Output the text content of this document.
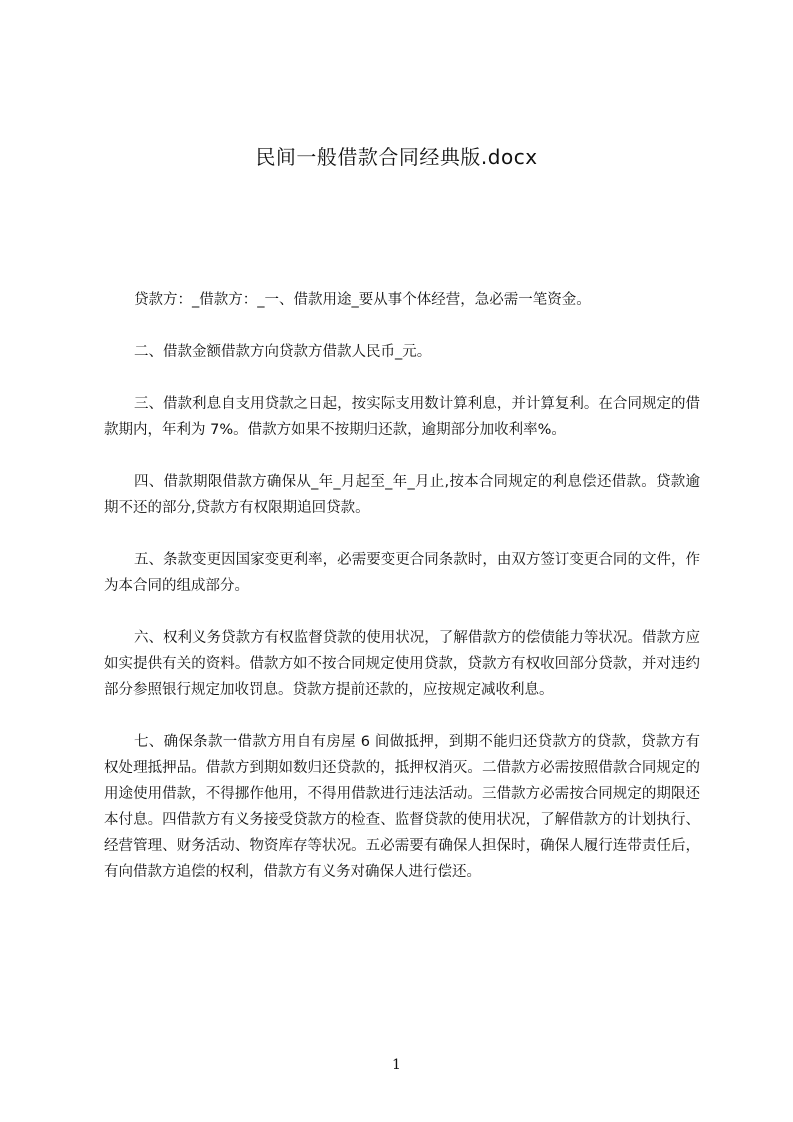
民间一般借款合同经典版.docx

贷款方：_借款方：_一、借款用途_要从事个体经营，急必需一笔资金。

二、借款金额借款方向贷款方借款人民币_元。

三、借款利息自支用贷款之日起，按实际支用数计算利息，并计算复利。在合同规定的借款期内，年利为 7%。借款方如果不按期归还款，逾期部分加收利率%。

四、借款期限借款方确保从_年_月起至_年_月止,按本合同规定的利息偿还借款。贷款逾期不还的部分,贷款方有权限期追回贷款。

五、条款变更因国家变更利率，必需要变更合同条款时，由双方签订变更合同的文件，作为本合同的组成部分。

六、权利义务贷款方有权监督贷款的使用状况，了解借款方的偿债能力等状况。借款方应如实提供有关的资料。借款方如不按合同规定使用贷款，贷款方有权收回部分贷款，并对违约部分参照银行规定加收罚息。贷款方提前还款的，应按规定减收利息。

七、确保条款一借款方用自有房屋 6 间做抵押，到期不能归还贷款方的贷款，贷款方有权处理抵押品。借款方到期如数归还贷款的，抵押权消灭。二借款方必需按照借款合同规定的用途使用借款，不得挪作他用，不得用借款进行违法活动。三借款方必需按合同规定的期限还本付息。四借款方有义务接受贷款方的检查、监督贷款的使用状况，了解借款方的计划执行、经营管理、财务活动、物资库存等状况。五必需要有确保人担保时，确保人履行连带责任后，有向借款方追偿的权利，借款方有义务对确保人进行偿还。

1
